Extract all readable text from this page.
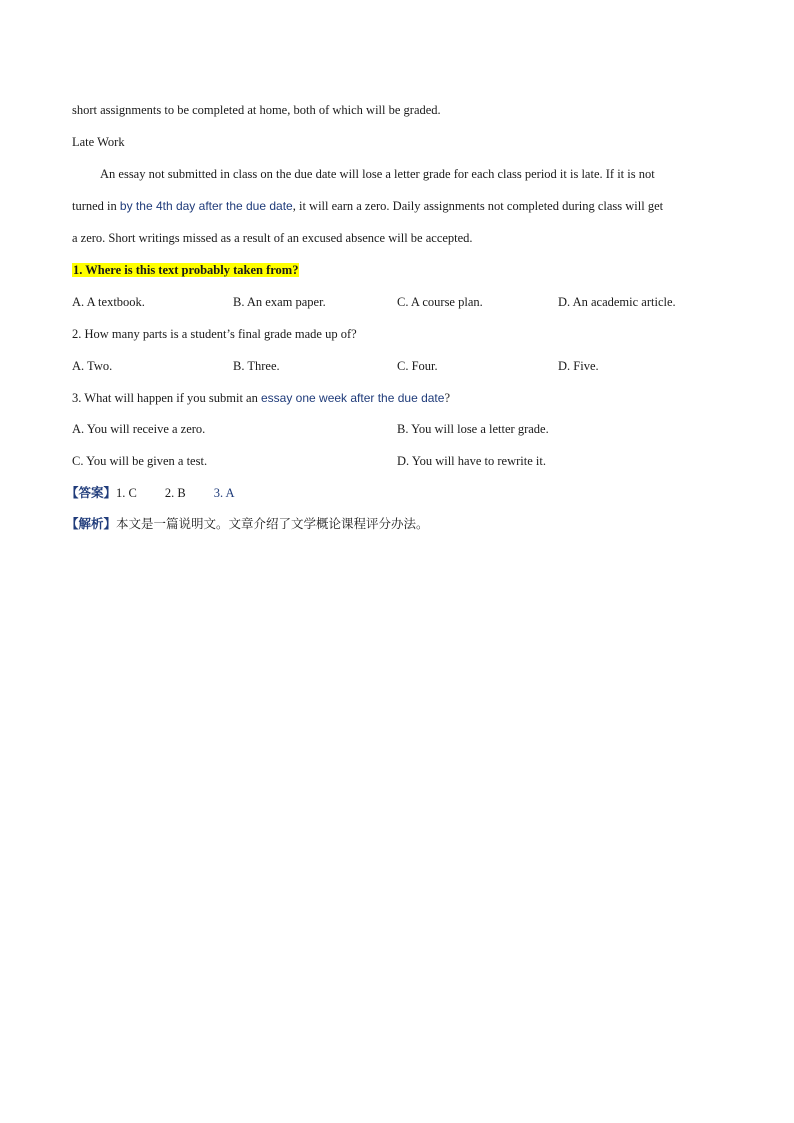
short assignments to be completed at home, both of which will be graded.
Late Work
An essay not submitted in class on the due date will lose a letter grade for each class period it is late. If it is not
turned in by the 4th day after the due date, it will earn a zero. Daily assignments not completed during class will get
a zero. Short writings missed as a result of an excused absence will be accepted.
1. Where is this text probably taken from?
A. A textbook.	B. An exam paper.	C. A course plan.	D. An academic article.
2. How many parts is a student’s final grade made up of?
A. Two.	B. Three.	C. Four.	D. Five.
3. What will happen if you submit an essay one week after the due date?
A. You will receive a zero.	B. You will lose a letter grade.
C. You will be given a test.	D. You will have to rewrite it.
【答案】1. C 2. B 3. A
【解析】本文是一篇说明文。文章介绍了文学概论课程评分办法。
